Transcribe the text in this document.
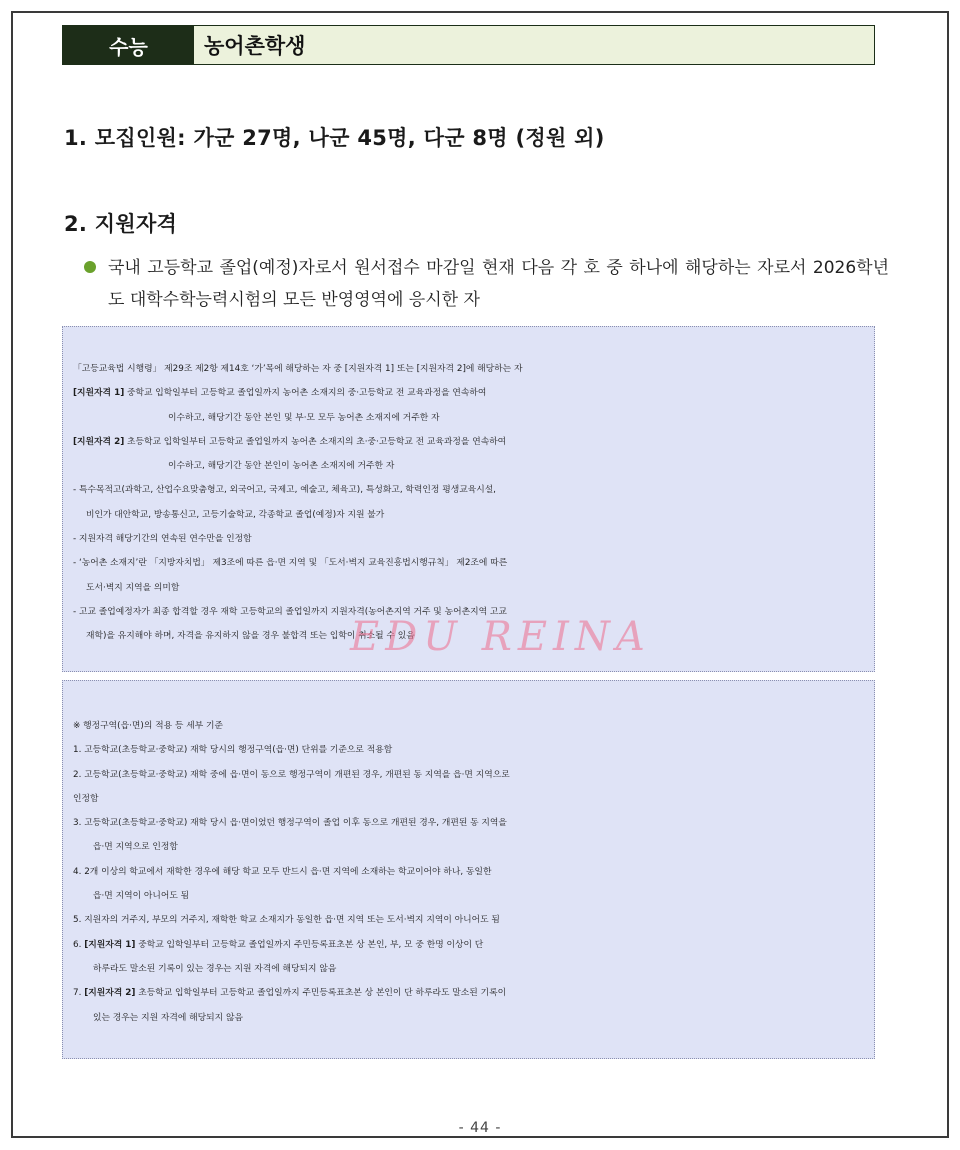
수능	농어촌학생
1. 모집인원: 가군 27명, 나군 45명, 다군 8명 (정원 외)
2. 지원자격
국내 고등학교 졸업(예정)자로서 원서접수 마감일 현재 다음 각 호 중 하나에 해당하는 자로서 2026학년도 대학수학능력시험의 모든 반영영역에 응시한 자
「고등교육법 시행령」 제29조 제2항 제14호 ‘가’목에 해당하는 자 중 [지원자격 1] 또는 [지원자격 2]에 해당하는 자
[지원자격 1] 중학교 입학일부터 고등학교 졸업일까지 농어촌 소재지의 중·고등학교 전 교육과정을 연속하여
이수하고, 해당기간 동안 본인 및 부·모 모두 농어촌 소재지에 거주한 자
[지원자격 2] 초등학교 입학일부터 고등학교 졸업일까지 농어촌 소재지의 초·중·고등학교 전 교육과정을 연속하여
이수하고, 해당기간 동안 본인이 농어촌 소재지에 거주한 자
- 특수목적고(과학고, 산업수요맞춤형고, 외국어고, 국제고, 예술고, 체육고), 특성화고, 학력인정 평생교육시설,
비인가 대안학교, 방송통신고, 고등기술학교, 각종학교 졸업(예정)자 지원 불가
- 지원자격 해당기간의 연속된 연수만을 인정함
- ‘농어촌 소재지’란 「지방자치법」 제3조에 따른 읍·면 지역 및 「도서·벽지 교육진흥법시행규칙」 제2조에 따른
도서·벽지 지역을 의미함
- 고교 졸업예정자가 최종 합격할 경우 재학 고등학교의 졸업일까지 지원자격(농어촌지역 거주 및 농어촌지역 고교
재학)을 유지해야 하며, 자격을 유지하지 않을 경우 불합격 또는 입학이 취소될 수 있음
※ 행정구역(읍·면)의 적용 등 세부 기준
1. 고등학교(초등학교·중학교) 재학 당시의 행정구역(읍·면) 단위를 기준으로 적용함
2. 고등학교(초등학교·중학교) 재학 중에 읍·면이 동으로 행정구역이 개편된 경우, 개편된 동 지역을 읍·면 지역으로
인정함
3. 고등학교(초등학교·중학교) 재학 당시 읍·면이었던 행정구역이 졸업 이후 동으로 개편된 경우, 개편된 동 지역을
읍·면 지역으로 인정함
4. 2개 이상의 학교에서 재학한 경우에 해당 학교 모두 반드시 읍·면 지역에 소재하는 학교이어야 하나, 동일한
읍·면 지역이 아니어도 됨
5. 지원자의 거주지, 부모의 거주지, 재학한 학교 소재지가 동일한 읍·면 지역 또는 도서·벽지 지역이 아니어도 됨
6. [지원자격 1] 중학교 입학일부터 고등학교 졸업일까지 주민등록표초본 상 본인, 부, 모 중 한명 이상이 단
하루라도 말소된 기록이 있는 경우는 지원 자격에 해당되지 않음
7. [지원자격 2] 초등학교 입학일부터 고등학교 졸업일까지 주민등록표초본 상 본인이 단 하루라도 말소된 기록이
있는 경우는 지원 자격에 해당되지 않음
EDU REINA
- 44 -
